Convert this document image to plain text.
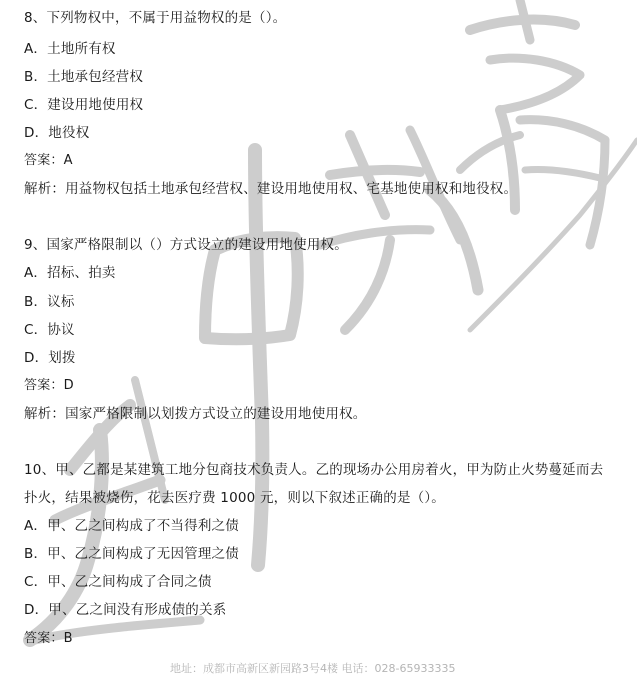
8、下列物权中，不属于用益物权的是（）。
A．土地所有权
B．土地承包经营权
C．建设用地使用权
D．地役权
答案：A
解析：用益物权包括土地承包经营权、建设用地使用权、宅基地使用权和地役权。
9、国家严格限制以（）方式设立的建设用地使用权。
A．招标、拍卖
B．议标
C．协议
D．划拨
答案：D
解析：国家严格限制以划拨方式设立的建设用地使用权。
10、甲、乙都是某建筑工地分包商技术负责人。乙的现场办公用房着火，甲为防止火势蔓延而去
扑火，结果被烧伤，花去医疗费 1000 元，则以下叙述正确的是（）。
A．甲、乙之间构成了不当得利之债
B．甲、乙之间构成了无因管理之债
C．甲、乙之间构成了合同之债
D．甲、乙之间没有形成债的关系
答案：B
地址：成都市高新区新园路3号4楼 电话：028-65933335
